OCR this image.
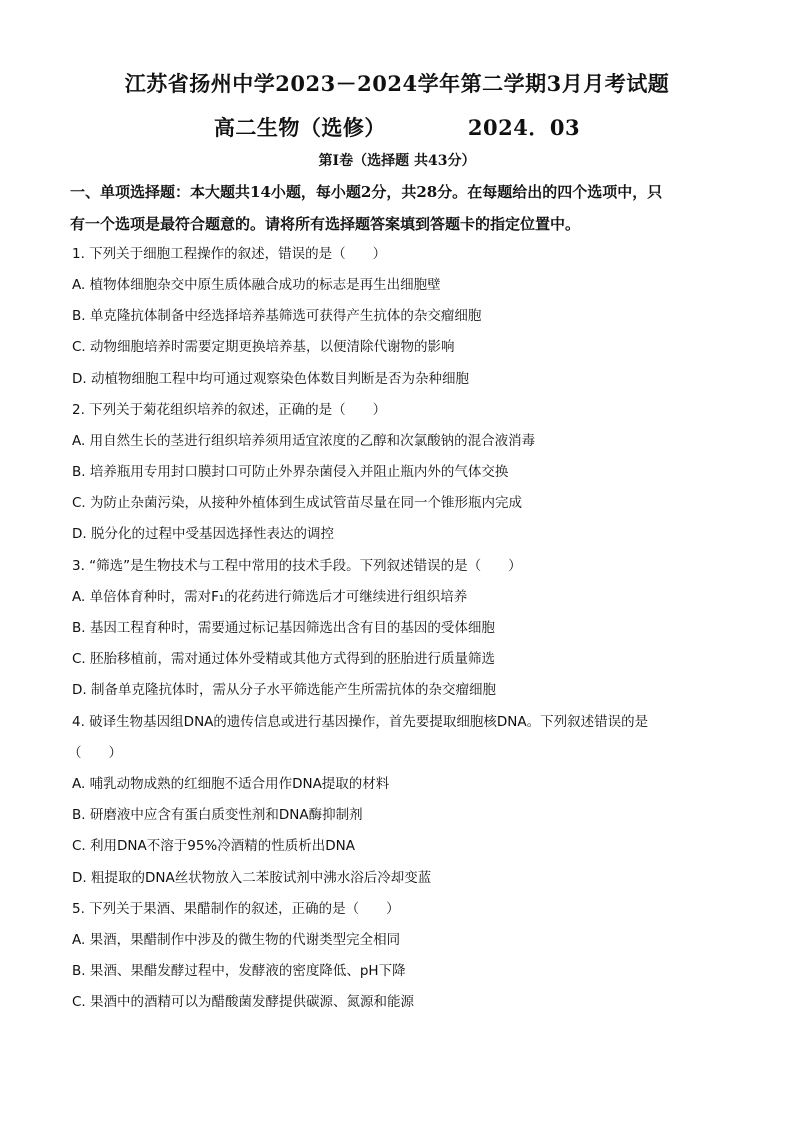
江苏省扬州中学2023－2024学年第二学期3月月考试题
高二生物（选修）	2024．03
第Ⅰ卷（选择题 共43分）
一、单项选择题：本大题共14小题，每小题2分，共28分。在每题给出的四个选项中，只
有一个选项是最符合题意的。请将所有选择题答案填到答题卡的指定位置中。
1. 下列关于细胞工程操作的叙述，错误的是（　　）
A. 植物体细胞杂交中原生质体融合成功的标志是再生出细胞壁
B. 单克隆抗体制备中经选择培养基筛选可获得产生抗体的杂交瘤细胞
C. 动物细胞培养时需要定期更换培养基，以便清除代谢物的影响
D. 动植物细胞工程中均可通过观察染色体数目判断是否为杂种细胞
2. 下列关于菊花组织培养的叙述，正确的是（　　）
A. 用自然生长的茎进行组织培养须用适宜浓度的乙醇和次氯酸钠的混合液消毒
B. 培养瓶用专用封口膜封口可防止外界杂菌侵入并阻止瓶内外的气体交换
C. 为防止杂菌污染，从接种外植体到生成试管苗尽量在同一个锥形瓶内完成
D. 脱分化的过程中受基因选择性表达的调控
3. “筛选”是生物技术与工程中常用的技术手段。下列叙述错误的是（　　）
A. 单倍体育种时，需对F₁的花药进行筛选后才可继续进行组织培养
B. 基因工程育种时，需要通过标记基因筛选出含有目的基因的受体细胞
C. 胚胎移植前，需对通过体外受精或其他方式得到的胚胎进行质量筛选
D. 制备单克隆抗体时，需从分子水平筛选能产生所需抗体的杂交瘤细胞
4. 破译生物基因组DNA的遗传信息或进行基因操作，首先要提取细胞核DNA。下列叙述错误的是
（　　）
A. 哺乳动物成熟的红细胞不适合用作DNA提取的材料
B. 研磨液中应含有蛋白质变性剂和DNA酶抑制剂
C. 利用DNA不溶于95%冷酒精的性质析出DNA
D. 粗提取的DNA丝状物放入二苯胺试剂中沸水浴后冷却变蓝
5. 下列关于果酒、果醋制作的叙述，正确的是（　　）
A. 果酒，果醋制作中涉及的微生物的代谢类型完全相同
B. 果酒、果醋发酵过程中，发酵液的密度降低、pH下降
C. 果酒中的酒精可以为醋酸菌发酵提供碳源、氮源和能源
